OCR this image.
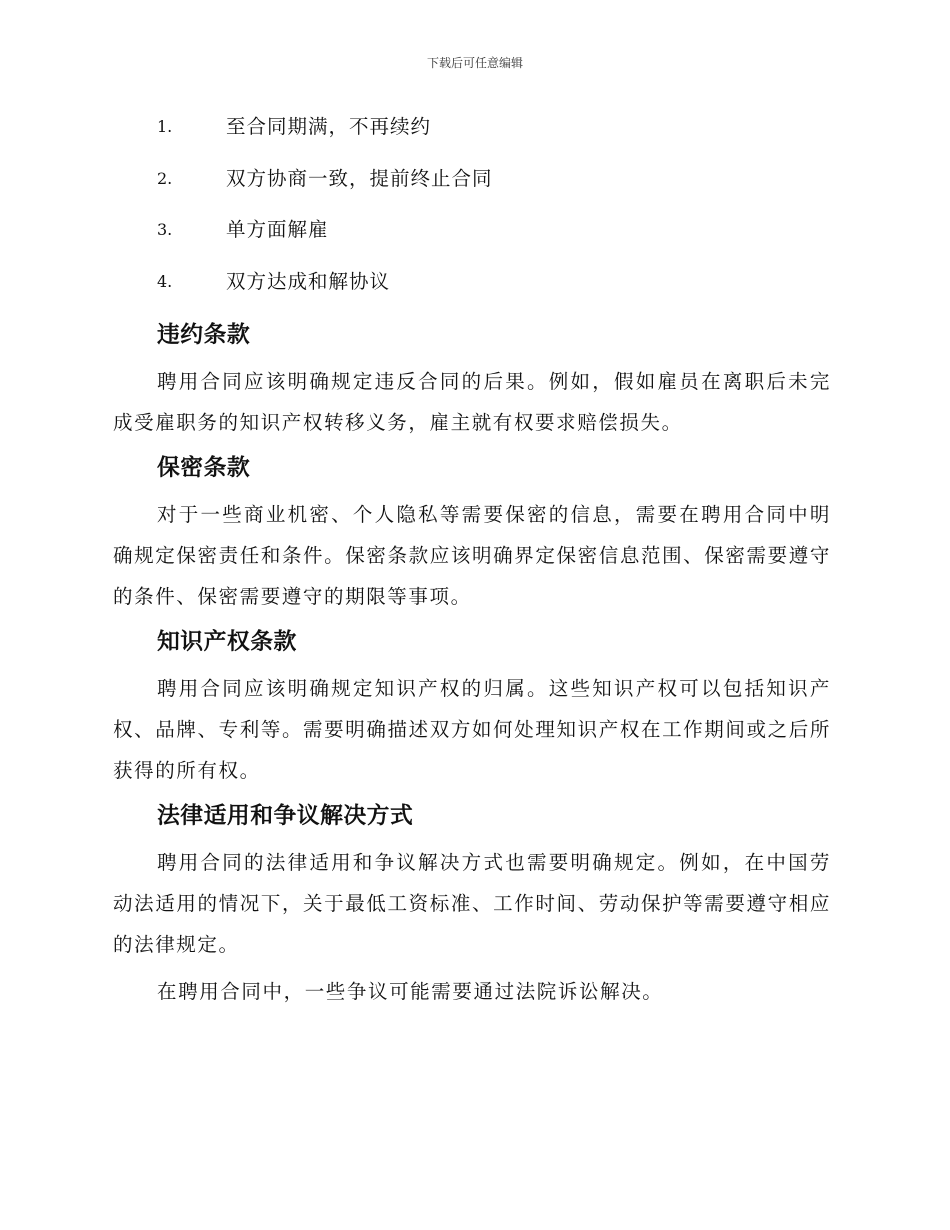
下载后可任意编辑
1.	至合同期满，不再续约
2.	双方协商一致，提前终止合同
3.	单方面解雇
4.	双方达成和解协议
违约条款

聘用合同应该明确规定违反合同的后果。例如，假如雇员在离职后未完成受雇职务的知识产权转移义务，雇主就有权要求赔偿损失。

保密条款

对于一些商业机密、个人隐私等需要保密的信息，需要在聘用合同中明确规定保密责任和条件。保密条款应该明确界定保密信息范围、保密需要遵守的条件、保密需要遵守的期限等事项。

知识产权条款

聘用合同应该明确规定知识产权的归属。这些知识产权可以包括知识产权、品牌、专利等。需要明确描述双方如何处理知识产权在工作期间或之后所获得的所有权。

法律适用和争议解决方式

聘用合同的法律适用和争议解决方式也需要明确规定。例如，在中国劳动法适用的情况下，关于最低工资标准、工作时间、劳动保护等需要遵守相应的法律规定。

在聘用合同中，一些争议可能需要通过法院诉讼解决。
